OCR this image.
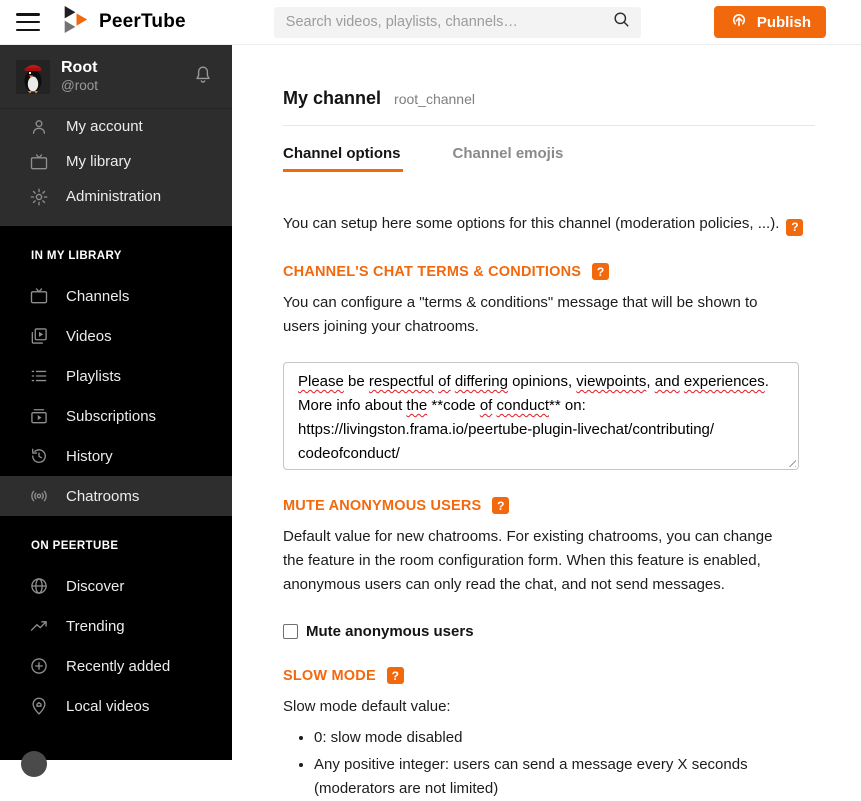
PeerTube
Search videos, playlists, channels…	Publish
Root
@root
My account
My library
Administration
IN MY LIBRARY
Channels
Videos
Playlists
Subscriptions
History
Chatrooms
ON PEERTUBE
Discover
Trending
Recently added
Local videos
My channel root_channel
Channel options	Channel emojis

You can setup here some options for this channel (moderation policies, ...). ?

CHANNEL'S CHAT TERMS & CONDITIONS	?

You can configure a "terms & conditions" message that will be shown to users joining your chatrooms.

Please be respectful of differing opinions, viewpoints, and experiences.
More info about the **code of conduct** on:
https://livingston.frama.io/peertube-plugin-livechat/contributing/
codeofconduct/
MUTE ANONYMOUS USERS	?

Default value for new chatrooms. For existing chatrooms, you can change the feature in the room configuration form. When this feature is enabled, anonymous users can only read the chat, and not send messages.

Mute anonymous users
SLOW MODE	?

Slow mode default value:

• 0: slow mode disabled
• Any positive integer: users can send a message every X seconds (moderators are not limited)
